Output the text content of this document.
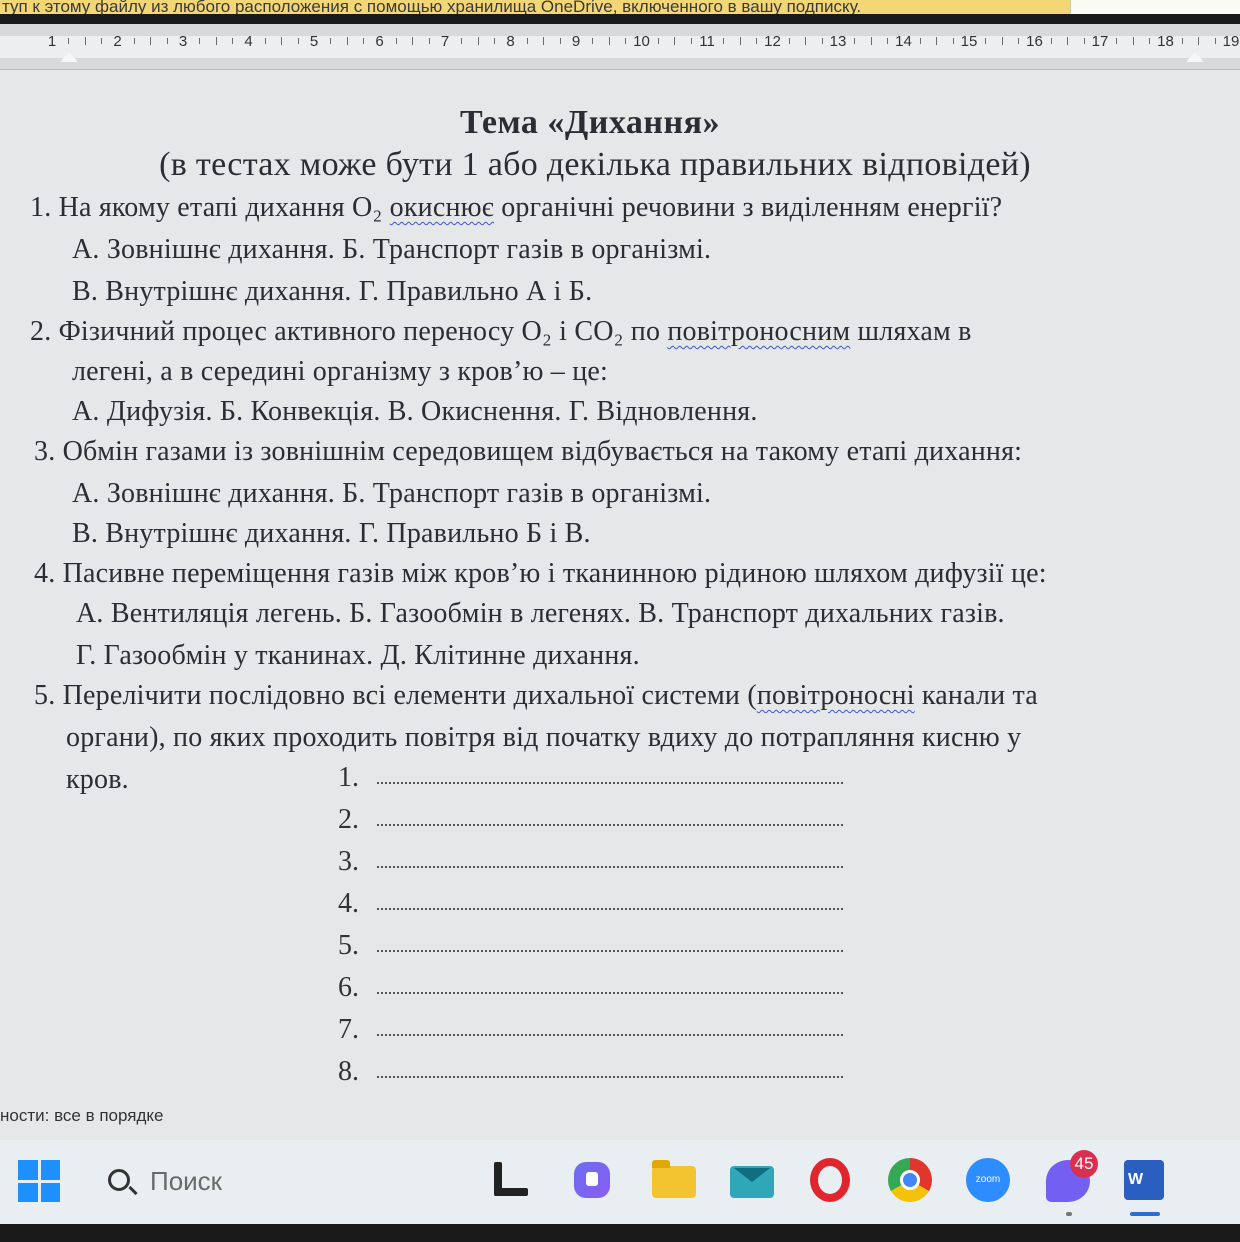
туп к этому файлу из любого расположения с помощью хранилища OneDrive, включенного в вашу подписку.
1	2	3	4	5	6	7	8	9	10	11	12	13	14	15	16	17	18	19
Тема «Дихання»
(в тестах може бути 1 або декілька правильних відповідей)
1. На якому етапі дихання O₂ окиснює органічні речовини з виділенням енергії?
А. Зовнішнє дихання. Б. Транспорт газів в організмі.
В. Внутрішнє дихання. Г. Правильно А і Б.
2. Фізичний процес активного переносу O₂ і CO₂ по повітроносним шляхам в
легені, а в середині організму з кров’ю – це:
А. Дифузія. Б. Конвекція. В. Окиснення. Г. Відновлення.
3. Обмін газами із зовнішнім середовищем відбувається на такому етапі дихання:
А. Зовнішнє дихання. Б. Транспорт газів в організмі.
В. Внутрішнє дихання. Г. Правильно Б і В.
4. Пасивне переміщення газів між кров’ю і тканинною рідиною шляхом дифузії це:
А. Вентиляція легень. Б. Газообмін в легенях. В. Транспорт дихальних газів.
Г. Газообмін у тканинах. Д. Клітинне дихання.
5. Перелічити послідовно всі елементи дихальної системи (повітроносні канали та
органи), по яких проходить повітря від початку вдиху до потрапляння кисню у
кров.	1.
2.
3.
4.
5.
6.
7.
8.
ности: все в порядке
Поиск	zoom
45
W
